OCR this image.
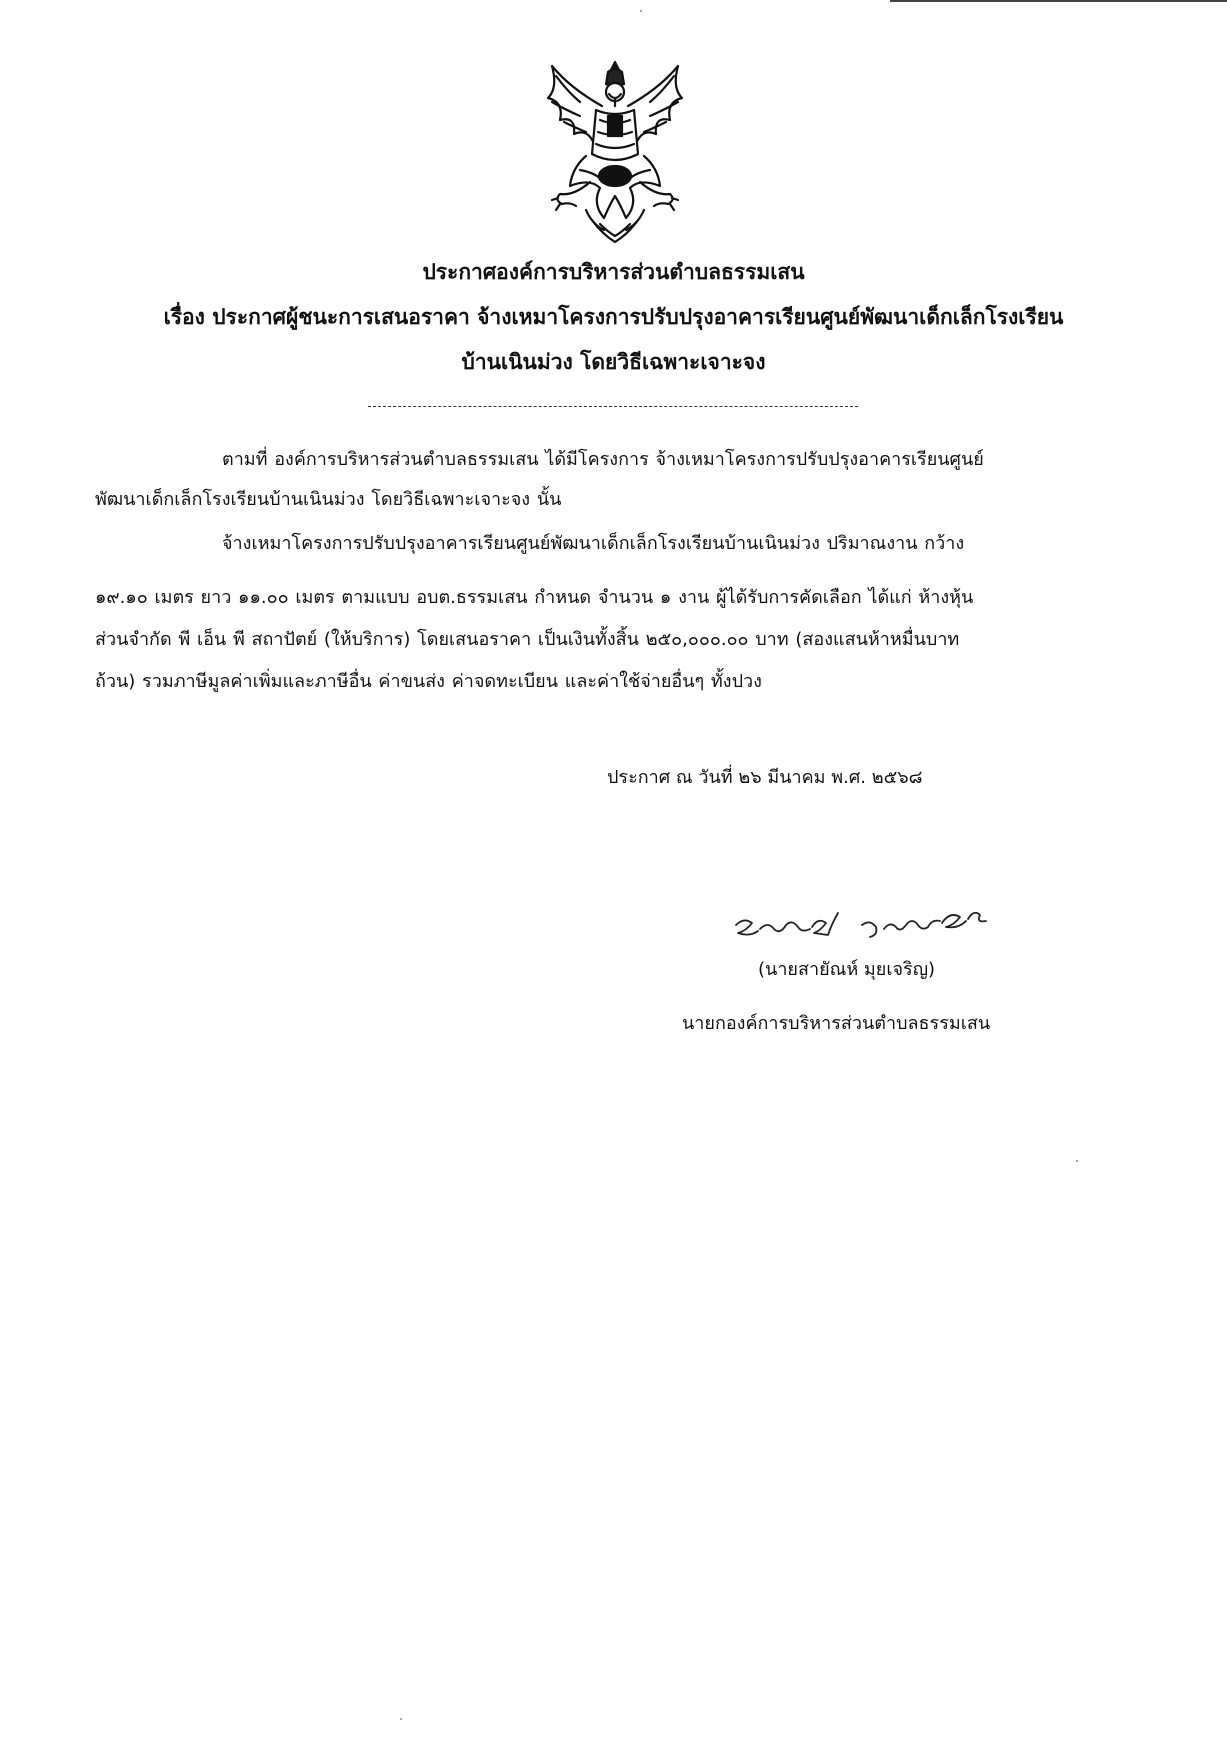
ประกาศองค์การบริหารส่วนตำบลธรรมเสน
เรื่อง ประกาศผู้ชนะการเสนอราคา จ้างเหมาโครงการปรับปรุงอาคารเรียนศูนย์พัฒนาเด็กเล็กโรงเรียน
บ้านเนินม่วง โดยวิธีเฉพาะเจาะจง
ตามที่ องค์การบริหารส่วนตำบลธรรมเสน ได้มีโครงการ จ้างเหมาโครงการปรับปรุงอาคารเรียนศูนย์
พัฒนาเด็กเล็กโรงเรียนบ้านเนินม่วง โดยวิธีเฉพาะเจาะจง นั้น
จ้างเหมาโครงการปรับปรุงอาคารเรียนศูนย์พัฒนาเด็กเล็กโรงเรียนบ้านเนินม่วง ปริมาณงาน กว้าง
๑๙.๑๐ เมตร ยาว ๑๑.๐๐ เมตร ตามแบบ อบต.ธรรมเสน กำหนด จำนวน ๑ งาน ผู้ได้รับการคัดเลือก ได้แก่ ห้างหุ้น
ส่วนจำกัด พี เอ็น พี สถาปัตย์ (ให้บริการ) โดยเสนอราคา เป็นเงินทั้งสิ้น ๒๕๐,๐๐๐.๐๐ บาท (สองแสนห้าหมื่นบาท
ถ้วน) รวมภาษีมูลค่าเพิ่มและภาษีอื่น ค่าขนส่ง ค่าจดทะเบียน และค่าใช้จ่ายอื่นๆ ทั้งปวง
ประกาศ ณ วันที่ ๒๖ มีนาคม พ.ศ. ๒๕๖๘
(นายสายัณห์ มุยเจริญ)
นายกองค์การบริหารส่วนตำบลธรรมเสน
